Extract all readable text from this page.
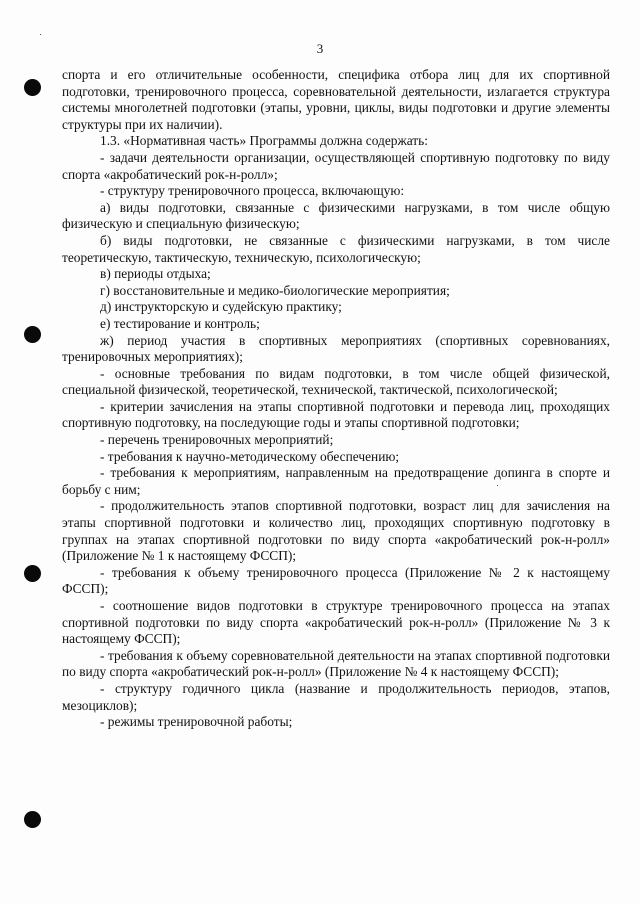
3

спорта и его отличительные особенности, специфика отбора лиц для их спортивной подготовки, тренировочного процесса, соревновательной деятельности, излагается структура системы многолетней подготовки (этапы, уровни, циклы, виды подготовки и другие элементы структуры при их наличии).

1.3. «Нормативная часть» Программы должна содержать:

- задачи деятельности организации, осуществляющей спортивную подготовку по виду спорта «акробатический рок-н-ролл»;

- структуру тренировочного процесса, включающую:

а) виды подготовки, связанные с физическими нагрузками, в том числе общую физическую и специальную физическую;

б) виды подготовки, не связанные с физическими нагрузками, в том числе теоретическую, тактическую, техническую, психологическую;

в) периоды отдыха;

г) восстановительные и медико-биологические мероприятия;

д) инструкторскую и судейскую практику;

е) тестирование и контроль;

ж) период участия в спортивных мероприятиях (спортивных соревнованиях, тренировочных мероприятиях);

- основные требования по видам подготовки, в том числе общей физической, специальной физической, теоретической, технической, тактической, психологической;

- критерии зачисления на этапы спортивной подготовки и перевода лиц, проходящих спортивную подготовку, на последующие годы и этапы спортивной подготовки;

- перечень тренировочных мероприятий;

- требования к научно-методическому обеспечению;

- требования к мероприятиям, направленным на предотвращение допинга в спорте и борьбу с ним;

- продолжительность этапов спортивной подготовки, возраст лиц для зачисления на этапы спортивной подготовки и количество лиц, проходящих спортивную подготовку в группах на этапах спортивной подготовки по виду спорта «акробатический рок-н-ролл» (Приложение № 1 к настоящему ФССП);

- требования к объему тренировочного процесса (Приложение № 2 к настоящему ФССП);

- соотношение видов подготовки в структуре тренировочного процесса на этапах спортивной подготовки по виду спорта «акробатический рок-н-ролл» (Приложение № 3 к настоящему ФССП);

- требования к объему соревновательной деятельности на этапах спортивной подготовки по виду спорта «акробатический рок-н-ролл» (Приложение № 4 к настоящему ФССП);

- структуру годичного цикла (название и продолжительность периодов, этапов, мезоциклов);

- режимы тренировочной работы;
